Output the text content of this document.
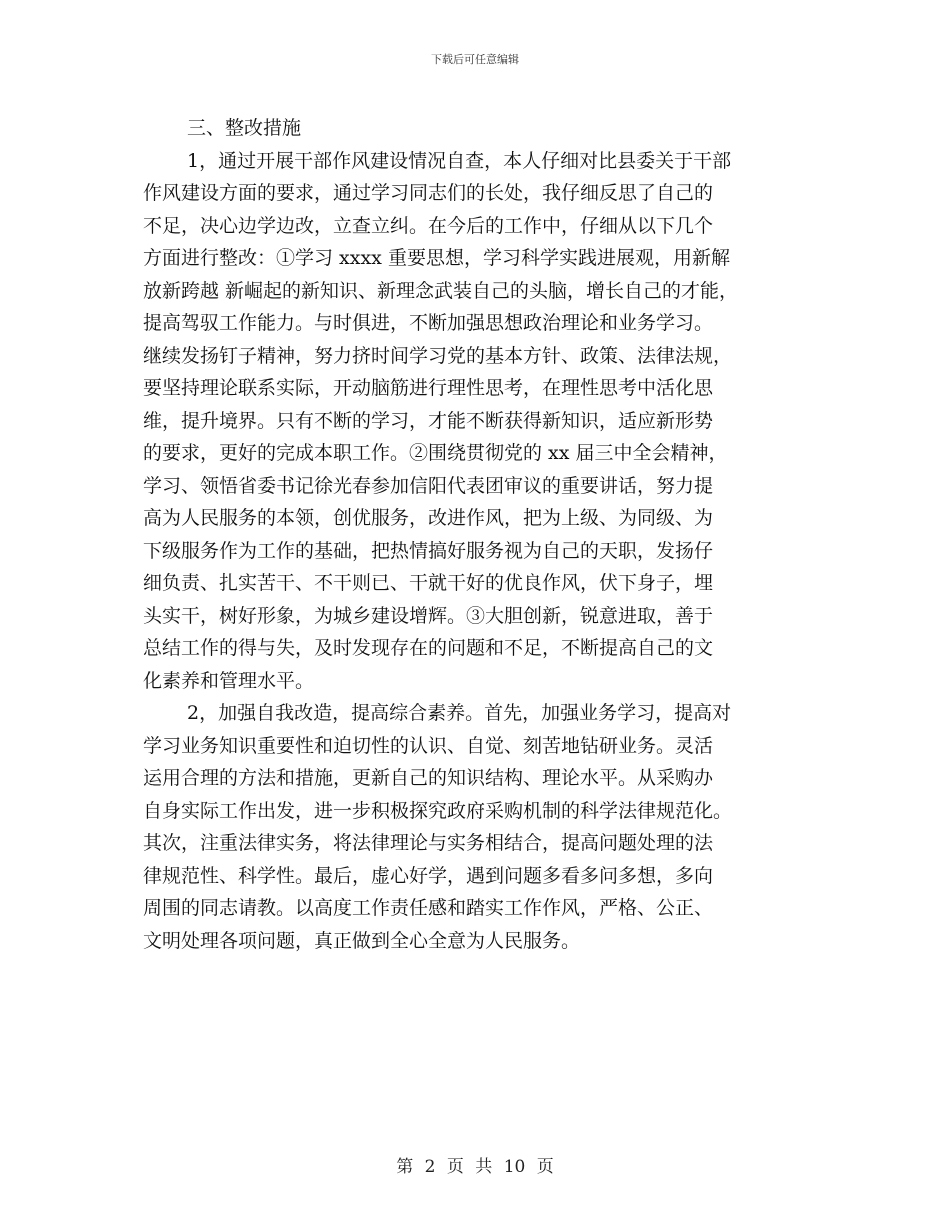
下载后可任意编辑
三、整改措施
1，通过开展干部作风建设情况自查，本人仔细对比县委关于干部
作风建设方面的要求，通过学习同志们的长处，我仔细反思了自己的
不足，决心边学边改，立查立纠。在今后的工作中，仔细从以下几个
方面进行整改：①学习 xxxx 重要思想，学习科学实践进展观，用新解
放新跨越 新崛起的新知识、新理念武装自己的头脑，增长自己的才能，
提高驾驭工作能力。与时俱进，不断加强思想政治理论和业务学习。
继续发扬钉子精神，努力挤时间学习党的基本方针、政策、法律法规，
要坚持理论联系实际，开动脑筋进行理性思考，在理性思考中活化思
维，提升境界。只有不断的学习，才能不断获得新知识，适应新形势
的要求，更好的完成本职工作。②围绕贯彻党的 xx 届三中全会精神，
学习、领悟省委书记徐光春参加信阳代表团审议的重要讲话，努力提
高为人民服务的本领，创优服务，改进作风，把为上级、为同级、为
下级服务作为工作的基础，把热情搞好服务视为自己的天职，发扬仔
细负责、扎实苦干、不干则已、干就干好的优良作风，伏下身子，埋
头实干，树好形象，为城乡建设增辉。③大胆创新，锐意进取，善于
总结工作的得与失，及时发现存在的问题和不足，不断提高自己的文
化素养和管理水平。
2，加强自我改造，提高综合素养。首先，加强业务学习，提高对
学习业务知识重要性和迫切性的认识、自觉、刻苦地钻研业务。灵活
运用合理的方法和措施，更新自己的知识结构、理论水平。从采购办
自身实际工作出发，进一步积极探究政府采购机制的科学法律规范化。
其次，注重法律实务，将法律理论与实务相结合，提高问题处理的法
律规范性、科学性。最后，虚心好学，遇到问题多看多问多想，多向
周围的同志请教。以高度工作责任感和踏实工作作风，严格、公正、
文明处理各项问题，真正做到全心全意为人民服务。
第 2 页 共 10 页
